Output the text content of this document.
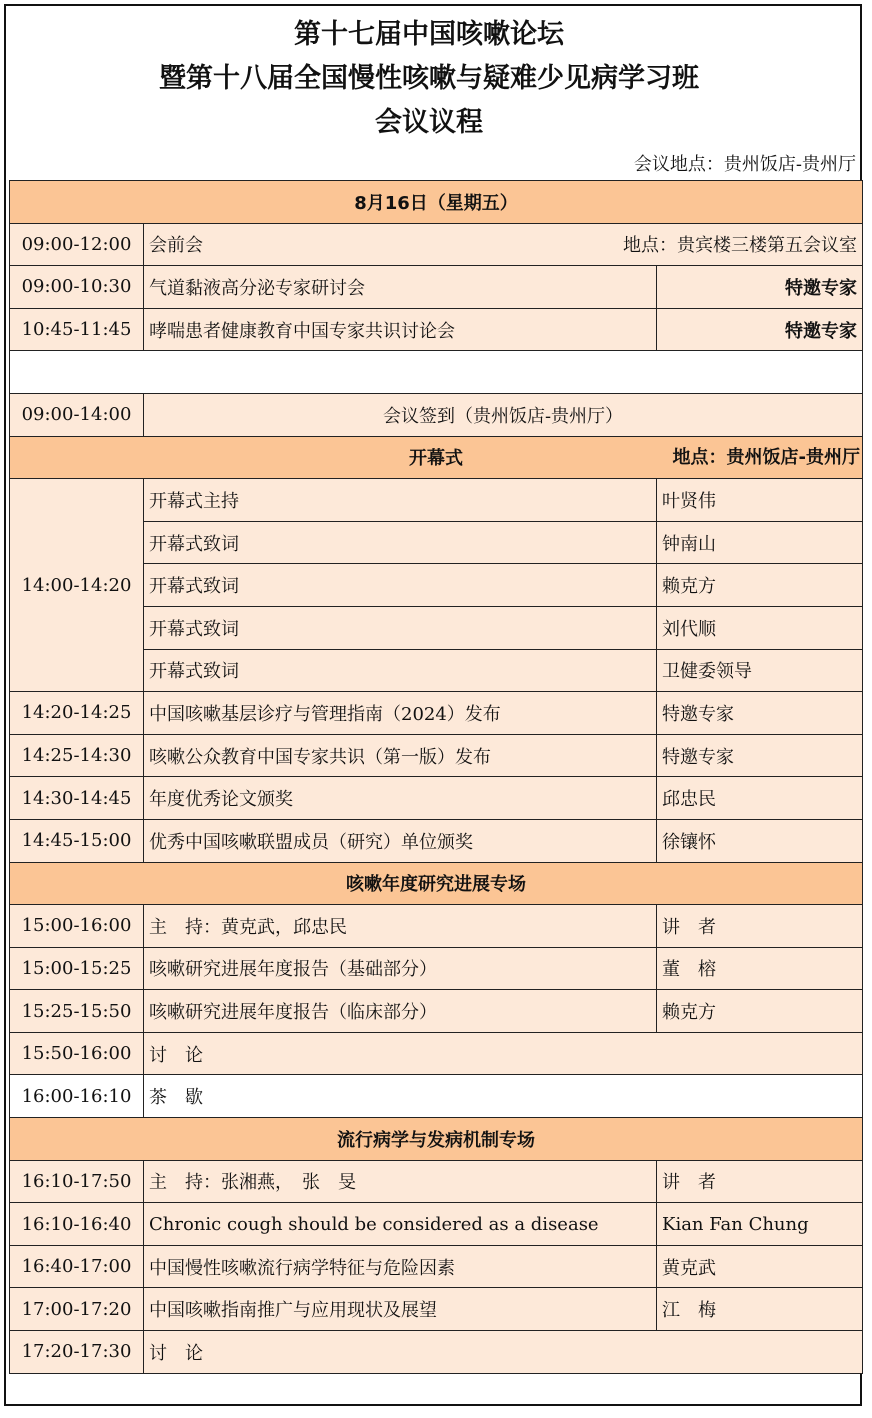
第十七届中国咳嗽论坛
暨第十八届全国慢性咳嗽与疑难少见病学习班
会议议程
会议地点：贵州饭店-贵州厅
8月16日（星期五）		
09:00-12:00	会前会 地点：贵宾楼三楼第五会议室	

09:00-10:30	气道黏液高分泌专家研讨会	特邀专家
10:45-11:45	哮喘患者健康教育中国专家共识讨论会	特邀专家

09:00-14:00	会议签到（贵州饭店-贵州厅）	
开幕式 地点：贵州饭店-贵州厅		

14:00-14:20	开幕式主持	叶贤伟
	开幕式致词	钟南山
	开幕式致词	赖克方
	开幕式致词	刘代顺
	开幕式致词	卫健委领导
14:20-14:25	中国咳嗽基层诊疗与管理指南（2024）发布	特邀专家
14:25-14:30	咳嗽公众教育中国专家共识（第一版）发布	特邀专家
14:30-14:45	年度优秀论文颁奖	邱忠民
14:45-15:00	优秀中国咳嗽联盟成员（研究）单位颁奖	徐镶怀
咳嗽年度研究进展专场		
15:00-16:00	主　持：黄克武，邱忠民	讲　者
15:00-15:25	咳嗽研究进展年度报告（基础部分）	董　榕
15:25-15:50	咳嗽研究进展年度报告（临床部分）	赖克方
15:50-16:00	讨　论	
16:00-16:10	茶　歇	
流行病学与发病机制专场		
16:10-17:50	主　持：张湘燕，　张　旻	讲　者
16:10-16:40	Chronic cough should be considered as a disease	Kian Fan Chung
16:40-17:00	中国慢性咳嗽流行病学特征与危险因素	黄克武
17:00-17:20	中国咳嗽指南推广与应用现状及展望	江　梅
17:20-17:30	讨　论	
